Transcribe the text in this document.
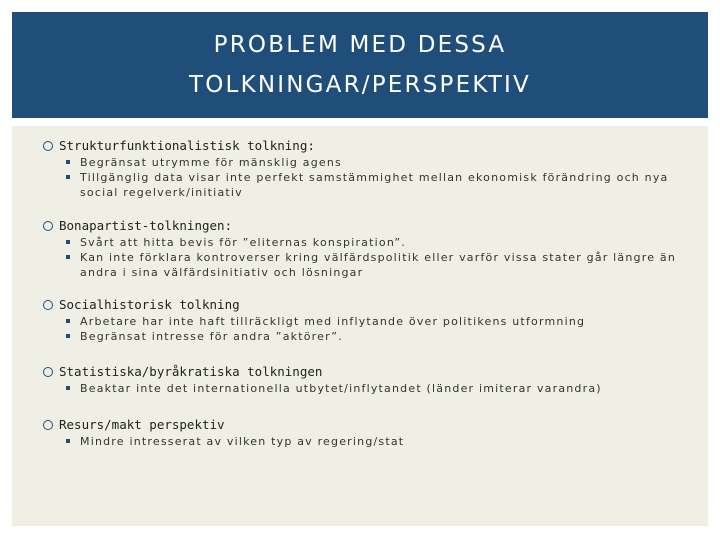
PROBLEM MED DESSA TOLKNINGAR/PERSPEKTIV
Strukturfunktionalistisk tolkning:
Begränsat utrymme för mänsklig agens
Tillgänglig data visar inte perfekt samstämmighet mellan ekonomisk förändring och nya social regelverk/initiativ
Bonapartist-tolkningen:
Svårt att hitta bevis för ”eliternas konspiration”.
Kan inte förklara kontroverser kring välfärdspolitik eller varför vissa stater går längre än andra i sina välfärdsinitiativ och lösningar
Socialhistorisk tolkning
Arbetare har inte haft tillräckligt med inflytande över politikens utformning
Begränsat intresse för andra ”aktörer”.
Statistiska/byråkratiska tolkningen
Beaktar inte det internationella utbytet/inflytandet (länder imiterar varandra)
Resurs/makt perspektiv
Mindre intresserat av vilken typ av regering/stat
